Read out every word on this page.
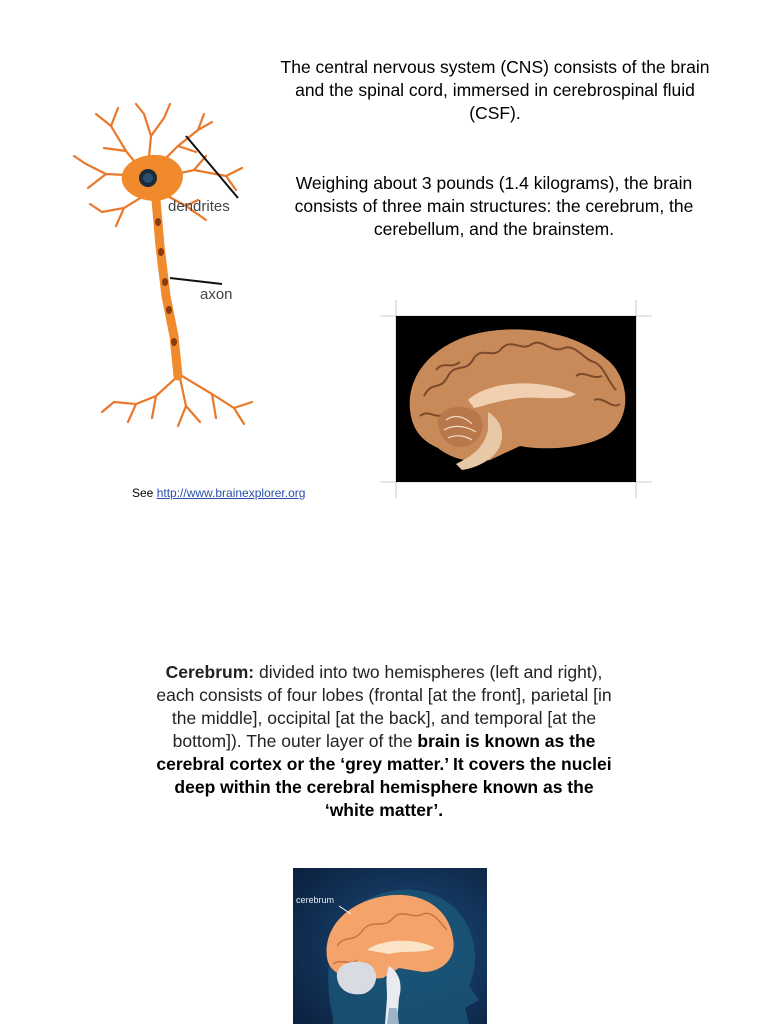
The central nervous system (CNS) consists of the brain and the spinal cord, immersed in cerebrospinal fluid (CSF).
Weighing about 3 pounds (1.4 kilograms), the brain consists of three main structures: the cerebrum, the cerebellum, and the brainstem.
dendrites
axon
See http://www.brainexplorer.org
Cerebrum: divided into two hemispheres (left and right), each consists of four lobes (frontal [at the front], parietal [in the middle], occipital [at the back], and temporal [at the bottom]). The outer layer of the brain is known as the cerebral cortex or the ‘grey matter.’ It covers the nuclei deep within the cerebral hemisphere known as the ‘white matter’.
cerebrum
